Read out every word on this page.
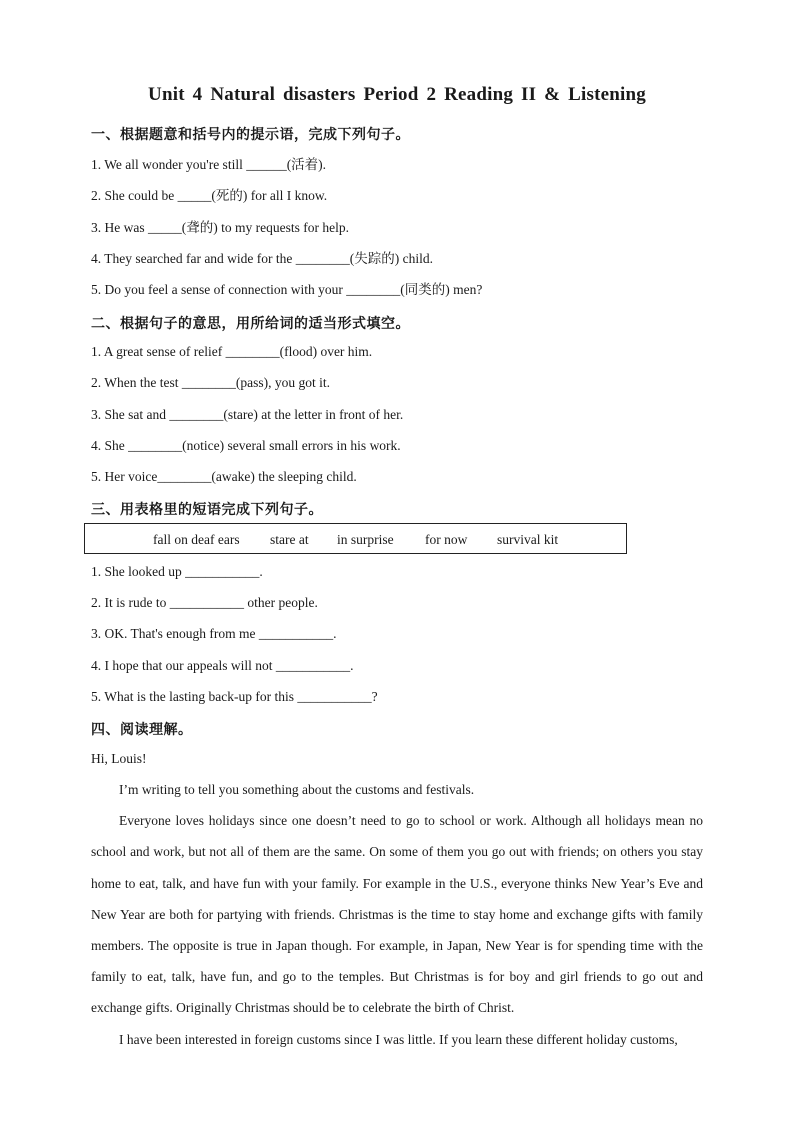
Unit 4 Natural disasters Period 2 Reading II & Listening
一、根据题意和括号内的提示语，完成下列句子。
1. We all wonder you're still ______(活着).
2. She could be _____(死的) for all I know.
3. He was _____(聋的) to my requests for help.
4. They searched far and wide for the ________(失踪的) child.
5. Do you feel a sense of connection with your ________(同类的) men?
二、根据句子的意思，用所给词的适当形式填空。
1. A great sense of relief ________(flood) over him.
2. When the test ________(pass), you got it.
3. She sat and ________(stare) at the letter in front of her.
4. She ________(notice) several small errors in his work.
5. Her voice________(awake) the sleeping child.
三、用表格里的短语完成下列句子。
fall on deaf ears stare at in surprise for now survival kit
1. She looked up ___________.
2. It is rude to ___________ other people.
3. OK. That's enough from me ___________.
4. I hope that our appeals will not ___________.
5. What is the lasting back-up for this ___________?
四、阅读理解。
Hi, Louis!

I’m writing to tell you something about the customs and festivals.

Everyone loves holidays since one doesn’t need to go to school or work. Although all holidays mean no school and work, but not all of them are the same. On some of them you go out with friends; on others you stay home to eat, talk, and have fun with your family. For example in the U.S., everyone thinks New Year’s Eve and New Year are both for partying with friends. Christmas is the time to stay home and exchange gifts with family members. The opposite is true in Japan though. For example, in Japan, New Year is for spending time with the family to eat, talk, have fun, and go to the temples. But Christmas is for boy and girl friends to go out and exchange gifts. Originally Christmas should be to celebrate the birth of Christ.

I have been interested in foreign customs since I was little. If you learn these different holiday customs,
